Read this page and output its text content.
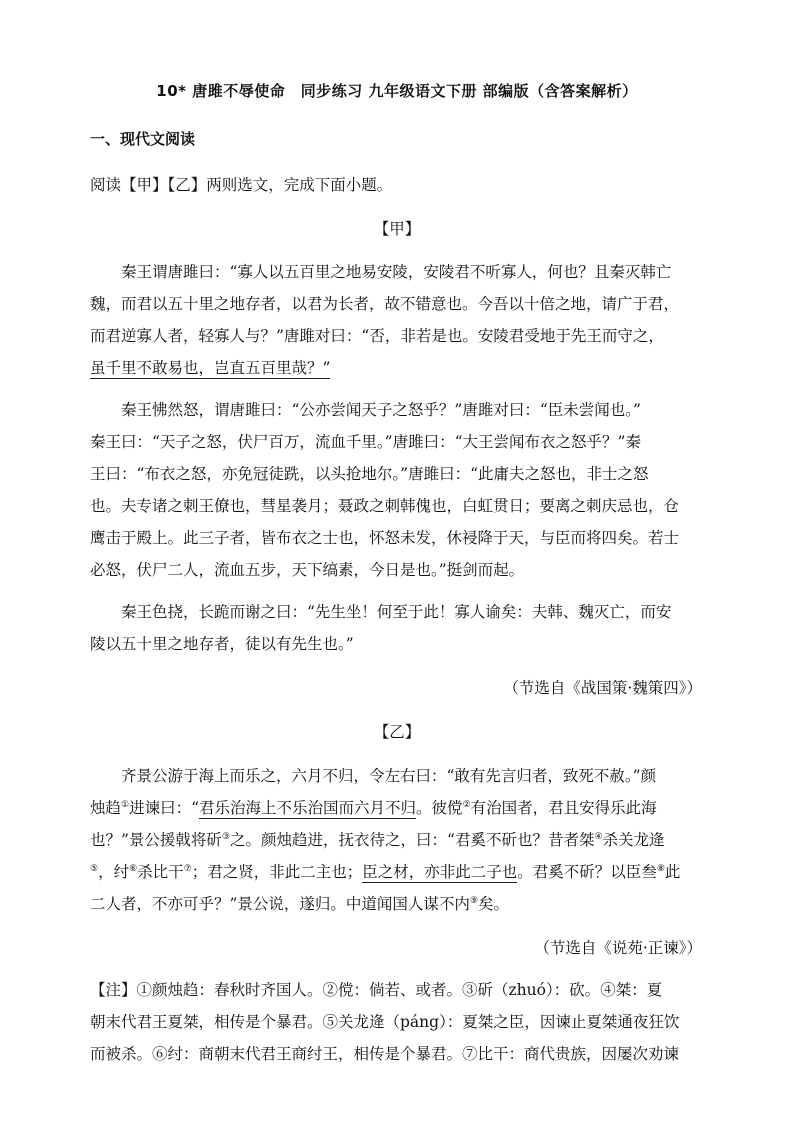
10* 唐雎不辱使命　同步练习 九年级语文下册 部编版（含答案解析）
一、现代文阅读
阅读【甲】【乙】两则选文，完成下面小题。
【甲】
秦王谓唐雎曰：“寡人以五百里之地易安陵，安陵君不听寡人，何也？且秦灭韩亡
魏，而君以五十里之地存者，以君为长者，故不错意也。今吾以十倍之地，请广于君，
而君逆寡人者，轻寡人与？”唐雎对曰：“否，非若是也。安陵君受地于先王而守之，
虽千里不敢易也，岂直五百里哉？”
秦王怫然怒，谓唐雎曰：“公亦尝闻天子之怒乎？”唐雎对曰：“臣未尝闻也。”
秦王曰：“天子之怒，伏尸百万，流血千里。”唐雎曰：“大王尝闻布衣之怒乎？”秦
王曰：“布衣之怒，亦免冠徒跣，以头抢地尔。”唐雎曰：“此庸夫之怒也，非士之怒
也。夫专诸之刺王僚也，彗星袭月；聂政之刺韩傀也，白虹贯日；要离之刺庆忌也，仓
鹰击于殿上。此三子者，皆布衣之士也，怀怒未发，休祲降于天，与臣而将四矣。若士
必怒，伏尸二人，流血五步，天下缟素，今日是也。”挺剑而起。
秦王色挠，长跪而谢之曰：“先生坐！何至于此！寡人谕矣：夫韩、魏灭亡，而安
陵以五十里之地存者，徒以有先生也。”
（节选自《战国策·魏策四》）
【乙】
齐景公游于海上而乐之，六月不归，令左右曰：“敢有先言归者，致死不赦。”颜
烛趋①进谏曰：“君乐治海上不乐治国而六月不归。彼傥②有治国者，君且安得乐此海
也？”景公援戟将斫③之。颜烛趋进，抚衣待之，曰：“君奚不斫也？昔者桀④杀关龙逄
⑤，纣⑥杀比干⑦；君之贤，非此二主也；臣之材，亦非此二子也。君奚不斫？以臣叁⑧此
二人者，不亦可乎？”景公说，遂归。中道闻国人谋不内⑨矣。
（节选自《说苑·正谏》）
【注】①颜烛趋：春秋时齐国人。②傥：倘若、或者。③斫（zhuó）：砍。④桀：夏
朝末代君王夏桀，相传是个暴君。⑤关龙逄（páng）：夏桀之臣，因谏止夏桀通夜狂饮
而被杀。⑥纣：商朝末代君王商纣王，相传是个暴君。⑦比干：商代贵族，因屡次劝谏
